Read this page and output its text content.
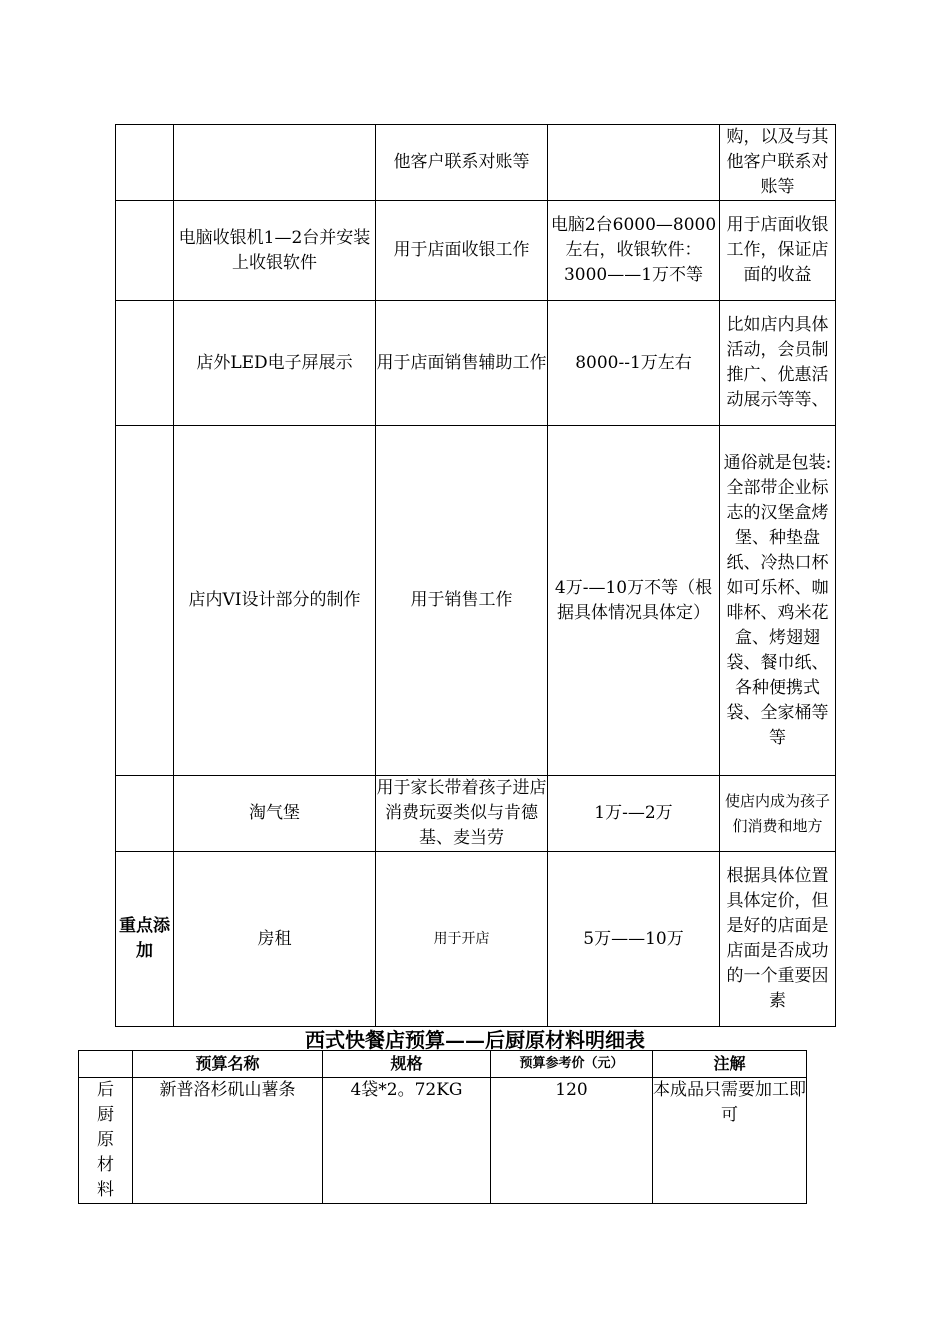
		他客户联系对账等		购，以及与其他客户联系对账等
	电脑收银机1—2台并安装上收银软件	用于店面收银工作	电脑2台6000—8000左右，收银软件：3000——1万不等	用于店面收银工作，保证店面的收益
	店外LED电子屏展示	用于店面销售辅助工作	8000--1万左右	比如店内具体活动，会员制推广、优惠活动展示等等、
	店内VI设计部分的制作	用于销售工作	4万-—10万不等（根据具体情况具体定）	通俗就是包装:全部带企业标志的汉堡盒烤堡、种垫盘纸、冷热口杯如可乐杯、咖啡杯、鸡米花盒、烤翅翅袋、餐巾纸、各种便携式袋、全家桶等等
	淘气堡	用于家长带着孩子进店消费玩耍类似与肯德基、麦当劳	1万-—2万	使店内成为孩子们消费和地方
重点添加	房租	用于开店	5万——10万	根据具体位置具体定价，但是好的店面是店面是否成功的一个重要因素
西式快餐店预算——后厨原材料明细表
	预算名称	规格	预算参考价（元）	注解

后厨原材料	新普洛杉矶山薯条	4袋*2。72KG	120	本成品只需要加工即可
